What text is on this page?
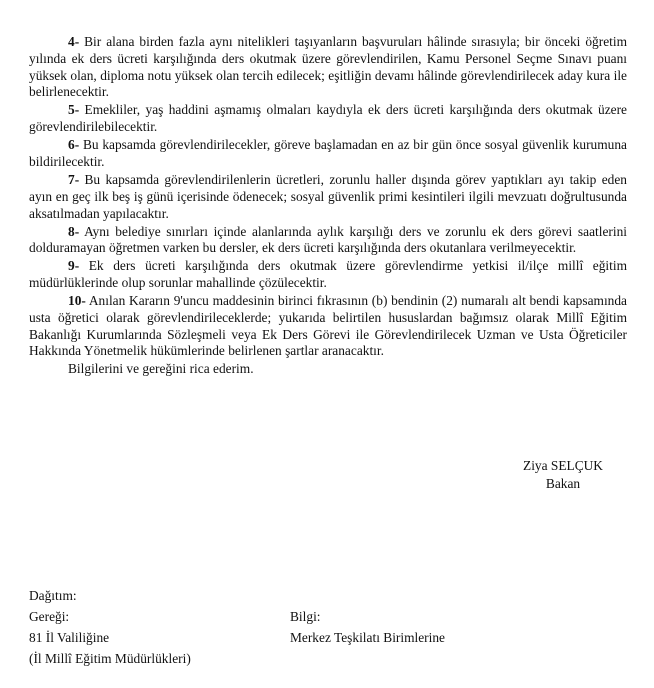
4- Bir alana birden fazla aynı nitelikleri taşıyanların başvuruları hâlinde sırasıyla; bir önceki öğretim yılında ek ders ücreti karşılığında ders okutmak üzere görevlendirilen, Kamu Personel Seçme Sınavı puanı yüksek olan, diploma notu yüksek olan tercih edilecek; eşitliğin devamı hâlinde görevlendirilecek aday kura ile belirlenecektir.

5- Emekliler, yaş haddini aşmamış olmaları kaydıyla ek ders ücreti karşılığında ders okutmak üzere görevlendirilebilecektir.

6- Bu kapsamda görevlendirilecekler, göreve başlamadan en az bir gün önce sosyal güvenlik kurumuna bildirilecektir.

7- Bu kapsamda görevlendirilenlerin ücretleri, zorunlu haller dışında görev yaptıkları ayı takip eden ayın en geç ilk beş iş günü içerisinde ödenecek; sosyal güvenlik primi kesintileri ilgili mevzuatı doğrultusunda aksatılmadan yapılacaktır.

8- Aynı belediye sınırları içinde alanlarında aylık karşılığı ders ve zorunlu ek ders görevi saatlerini dolduramayan öğretmen varken bu dersler, ek ders ücreti karşılığında ders okutanlara verilmeyecektir.

9- Ek ders ücreti karşılığında ders okutmak üzere görevlendirme yetkisi il/ilçe millî eğitim müdürlüklerinde olup sorunlar mahallinde çözülecektir.

10- Anılan Kararın 9'uncu maddesinin birinci fıkrasının (b) bendinin (2) numaralı alt bendi kapsamında usta öğretici olarak görevlendirileceklerde; yukarıda belirtilen hususlardan bağımsız olarak Millî Eğitim Bakanlığı Kurumlarında Sözleşmeli veya Ek Ders Görevi ile Görevlendirilecek Uzman ve Usta Öğreticiler Hakkında Yönetmelik hükümlerinde belirlenen şartlar aranacaktır.

Bilgilerini ve gereğini rica ederim.

Ziya SELÇUK
Bakan
Dağıtım:
Gereği:
81 İl Valiliğine
(İl Millî Eğitim Müdürlükleri)
Bilgi:
Merkez Teşkilatı Birimlerine
